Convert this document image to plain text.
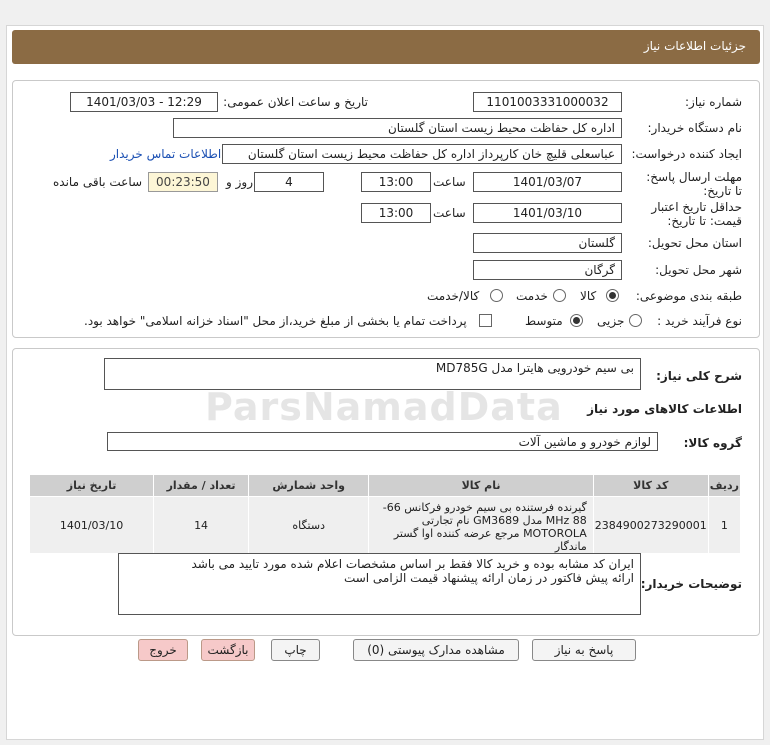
جزئیات اطلاعات نیاز
شماره نیاز:
1101003331000032
تاریخ و ساعت اعلان عمومی:
1401/03/03 - 12:29
نام دستگاه خریدار:
اداره کل حفاظت محیط زیست استان گلستان
ایجاد کننده درخواست:
عباسعلی قلیچ خان کارپرداز اداره کل حفاظت محیط زیست استان گلستان
اطلاعات تماس خریدار
مهلت ارسال پاسخ: تا تاریخ:
1401/03/07
ساعت
13:00
4
روز و
00:23:50
ساعت باقی مانده
حداقل تاریخ اعتبار قیمت: تا تاریخ:
1401/03/10
ساعت
13:00
استان محل تحویل:
گلستان
شهر محل تحویل:
گرگان
طبقه بندی موضوعی:
کالا
خدمت
کالا/خدمت
نوع فرآیند خرید :
جزیی
متوسط
پرداخت تمام یا بخشی از مبلغ خرید،از محل "اسناد خزانه اسلامی" خواهد بود.
شرح کلی نیاز:
بی سیم خودرویی هایترا مدل MD785G
اطلاعات کالاهای مورد نیاز
ParsNamadData
گروه کالا:
لوازم خودرو و ماشین آلات
ردیف	کد کالا	نام کالا	واحد شمارش	تعداد / مقدار	تاریخ نیاز
1	2384900273290001	گیرنده فرستنده بی سیم خودرو فرکانس 66-88 MHz مدل GM3689 نام تجارتی MOTOROLA مرجع عرضه کننده اوا گستر ماندگار	دستگاه	14	1401/03/10
توضیحات خریدار:
ایران کد مشابه بوده و خرید کالا فقط بر اساس مشخصات اعلام شده مورد تایید می باشد
ارائه پیش فاکتور در زمان ارائه پیشنهاد قیمت الزامی است
پاسخ به نیاز
مشاهده مدارک پیوستی (0)
چاپ
بازگشت
خروج
